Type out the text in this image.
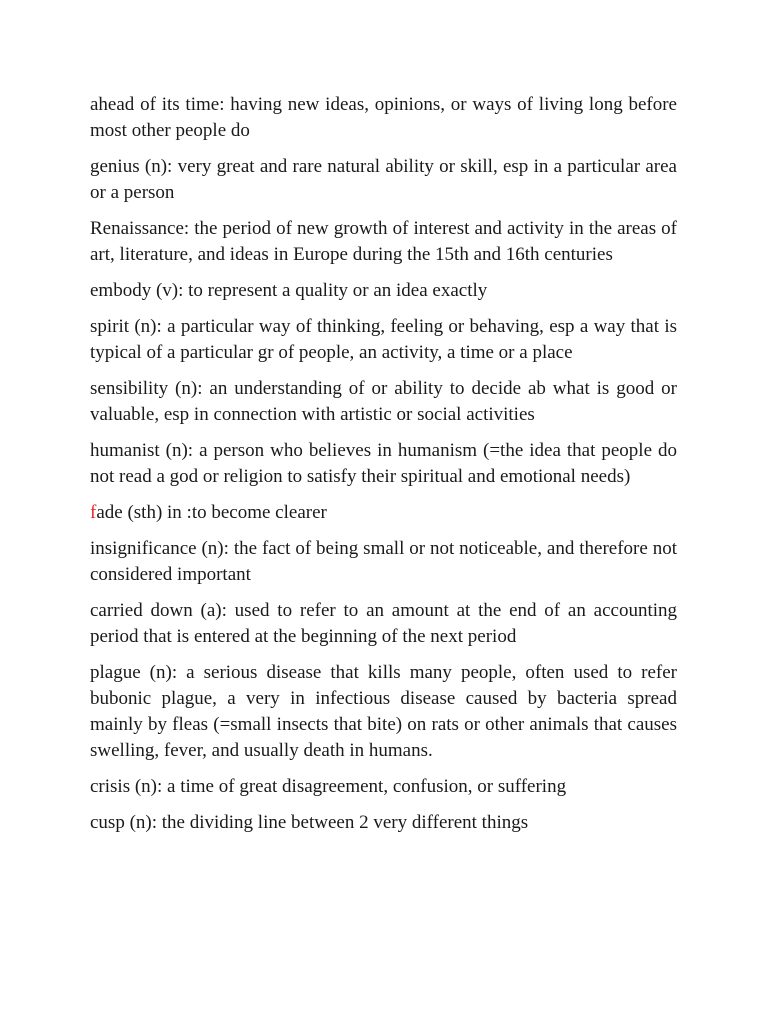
ahead of its time: having new ideas, opinions, or ways of living long before most other people do

genius (n): very great and rare natural ability or skill, esp in a particular area or a person

Renaissance: the period of new growth of interest and activity in the areas of art, literature, and ideas in Europe during the 15th and 16th centuries

embody (v): to represent a quality or an idea exactly

spirit (n): a particular way of thinking, feeling or behaving, esp a way that is typical of a particular gr of people, an activity, a time or a place

sensibility (n): an understanding of or ability to decide ab what is good or valuable, esp in connection with artistic or social activities

humanist (n): a person who believes in humanism (=the idea that people do not read a god or religion to satisfy their spiritual and emotional needs)

fade (sth) in :to become clearer

insignificance (n): the fact of being small or not noticeable, and therefore not considered important

carried down (a): used to refer to an amount at the end of an accounting period that is entered at the beginning of the next period

plague (n): a serious disease that kills many people, often used to refer bubonic plague, a very in infectious disease caused by bacteria spread mainly by fleas (=small insects that bite) on rats or other animals that causes swelling, fever, and usually death in humans.

crisis (n): a time of great disagreement, confusion, or suffering

cusp (n): the dividing line between 2 very different things
